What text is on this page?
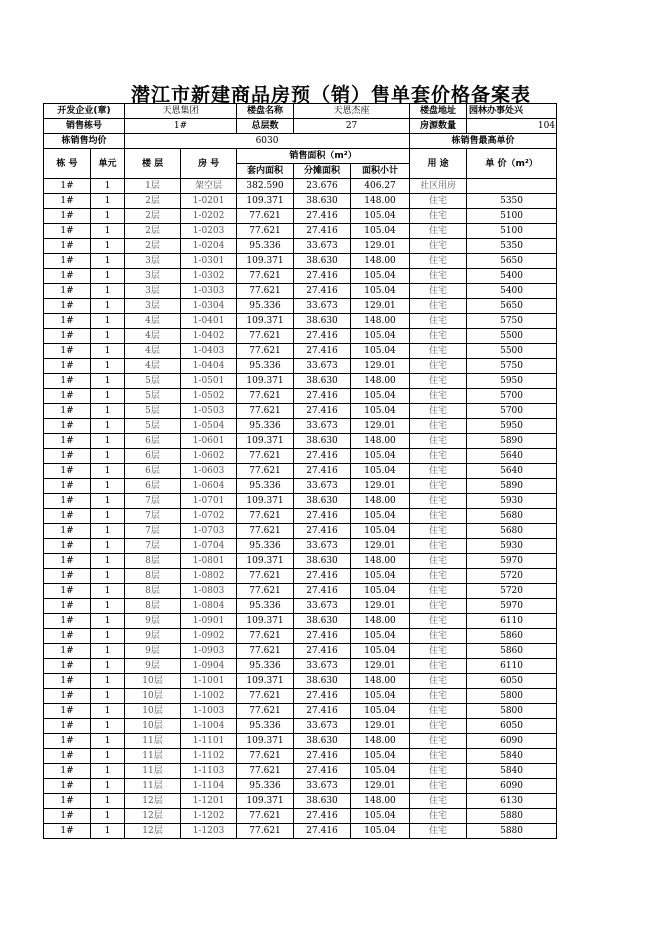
潜江市新建商品房预（销）售单套价格备案表
开发企业(章)		天恩集团		楼盘名称	天恩杰座		楼盘地址	园林办事处兴
销售栋号		1#		总层数	27		房源数量	104
栋销售均价		6030					栋销售最高单价	
栋 号	单元	楼 层	房 号	销售面积（m²）			用 途	单 价（m²）
				套内面积	分摊面积	面积小计		
1#	1	1层	架空层	382.590	23.676	406.27	社区用房	
1#	1	2层	1-0201	109.371	38.630	148.00	住宅	5350
1#	1	2层	1-0202	77.621	27.416	105.04	住宅	5100
1#	1	2层	1-0203	77.621	27.416	105.04	住宅	5100
1#	1	2层	1-0204	95.336	33.673	129.01	住宅	5350
1#	1	3层	1-0301	109.371	38.630	148.00	住宅	5650
1#	1	3层	1-0302	77.621	27.416	105.04	住宅	5400
1#	1	3层	1-0303	77.621	27.416	105.04	住宅	5400
1#	1	3层	1-0304	95.336	33.673	129.01	住宅	5650
1#	1	4层	1-0401	109.371	38.630	148.00	住宅	5750
1#	1	4层	1-0402	77.621	27.416	105.04	住宅	5500
1#	1	4层	1-0403	77.621	27.416	105.04	住宅	5500
1#	1	4层	1-0404	95.336	33.673	129.01	住宅	5750
1#	1	5层	1-0501	109.371	38.630	148.00	住宅	5950
1#	1	5层	1-0502	77.621	27.416	105.04	住宅	5700
1#	1	5层	1-0503	77.621	27.416	105.04	住宅	5700
1#	1	5层	1-0504	95.336	33.673	129.01	住宅	5950
1#	1	6层	1-0601	109.371	38.630	148.00	住宅	5890
1#	1	6层	1-0602	77.621	27.416	105.04	住宅	5640
1#	1	6层	1-0603	77.621	27.416	105.04	住宅	5640
1#	1	6层	1-0604	95.336	33.673	129.01	住宅	5890
1#	1	7层	1-0701	109.371	38.630	148.00	住宅	5930
1#	1	7层	1-0702	77.621	27.416	105.04	住宅	5680
1#	1	7层	1-0703	77.621	27.416	105.04	住宅	5680
1#	1	7层	1-0704	95.336	33.673	129.01	住宅	5930
1#	1	8层	1-0801	109.371	38.630	148.00	住宅	5970
1#	1	8层	1-0802	77.621	27.416	105.04	住宅	5720
1#	1	8层	1-0803	77.621	27.416	105.04	住宅	5720
1#	1	8层	1-0804	95.336	33.673	129.01	住宅	5970
1#	1	9层	1-0901	109.371	38.630	148.00	住宅	6110
1#	1	9层	1-0902	77.621	27.416	105.04	住宅	5860
1#	1	9层	1-0903	77.621	27.416	105.04	住宅	5860
1#	1	9层	1-0904	95.336	33.673	129.01	住宅	6110
1#	1	10层	1-1001	109.371	38.630	148.00	住宅	6050
1#	1	10层	1-1002	77.621	27.416	105.04	住宅	5800
1#	1	10层	1-1003	77.621	27.416	105.04	住宅	5800
1#	1	10层	1-1004	95.336	33.673	129.01	住宅	6050
1#	1	11层	1-1101	109.371	38.630	148.00	住宅	6090
1#	1	11层	1-1102	77.621	27.416	105.04	住宅	5840
1#	1	11层	1-1103	77.621	27.416	105.04	住宅	5840
1#	1	11层	1-1104	95.336	33.673	129.01	住宅	6090
1#	1	12层	1-1201	109.371	38.630	148.00	住宅	6130
1#	1	12层	1-1202	77.621	27.416	105.04	住宅	5880
1#	1	12层	1-1203	77.621	27.416	105.04	住宅	5880
